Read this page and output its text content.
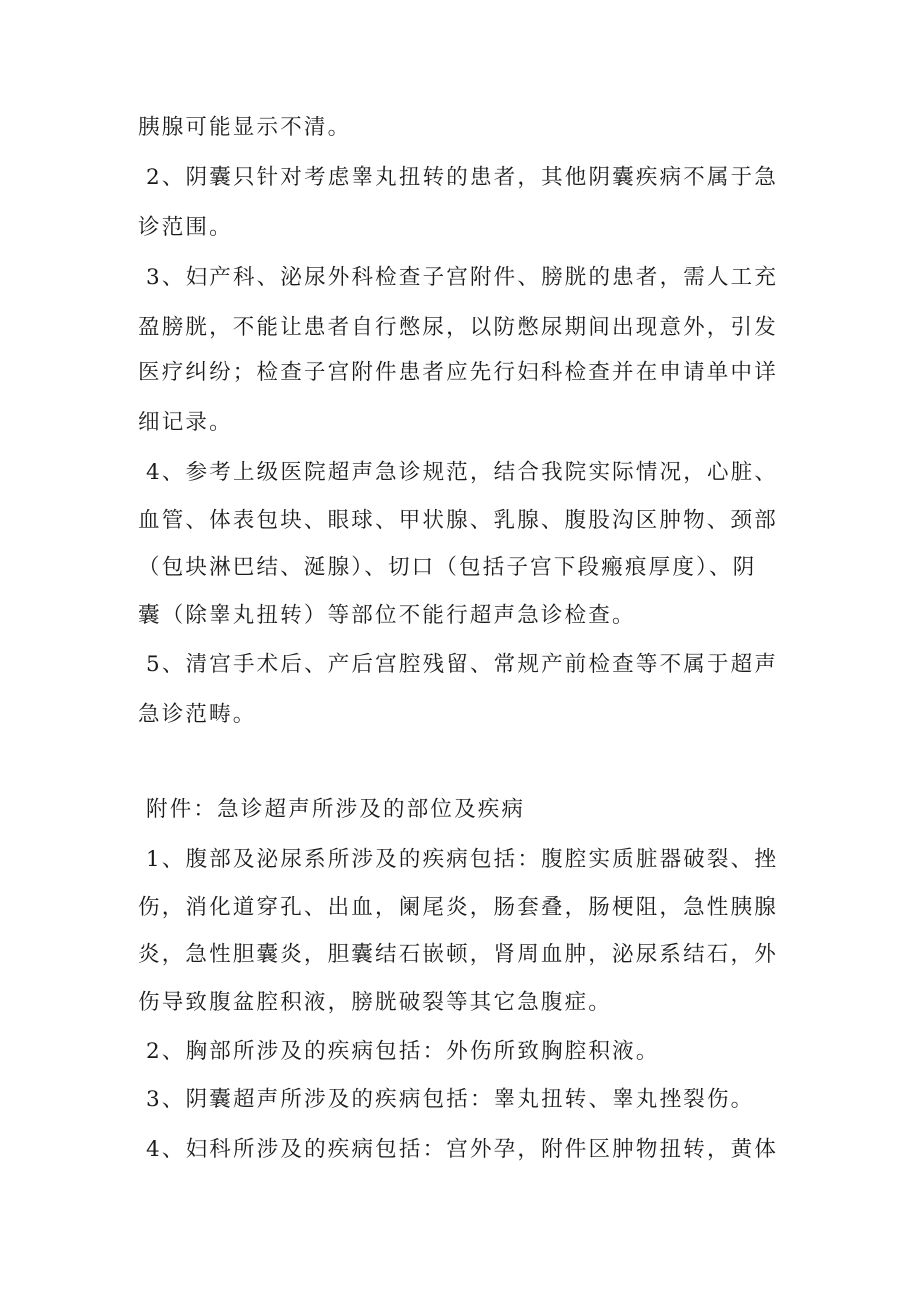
胰腺可能显示不清。
2、阴囊只针对考虑睾丸扭转的患者，其他阴囊疾病不属于急
诊范围。
3、妇产科、泌尿外科检查子宫附件、膀胱的患者，需人工充
盈膀胱，不能让患者自行憋尿，以防憋尿期间出现意外，引发
医疗纠纷；检查子宫附件患者应先行妇科检查并在申请单中详
细记录。
4、参考上级医院超声急诊规范，结合我院实际情况，心脏、
血管、体表包块、眼球、甲状腺、乳腺、腹股沟区肿物、颈部
（包块淋巴结、涎腺）、切口（包括子宫下段瘢痕厚度）、阴
囊（除睾丸扭转）等部位不能行超声急诊检查。
5、清宫手术后、产后宫腔残留、常规产前检查等不属于超声
急诊范畴。
附件：急诊超声所涉及的部位及疾病
1、腹部及泌尿系所涉及的疾病包括：腹腔实质脏器破裂、挫
伤，消化道穿孔、出血，阑尾炎，肠套叠，肠梗阻，急性胰腺
炎，急性胆囊炎，胆囊结石嵌顿，肾周血肿，泌尿系结石，外
伤导致腹盆腔积液，膀胱破裂等其它急腹症。
2、胸部所涉及的疾病包括：外伤所致胸腔积液。
3、阴囊超声所涉及的疾病包括：睾丸扭转、睾丸挫裂伤。
4、妇科所涉及的疾病包括：宫外孕，附件区肿物扭转，黄体
